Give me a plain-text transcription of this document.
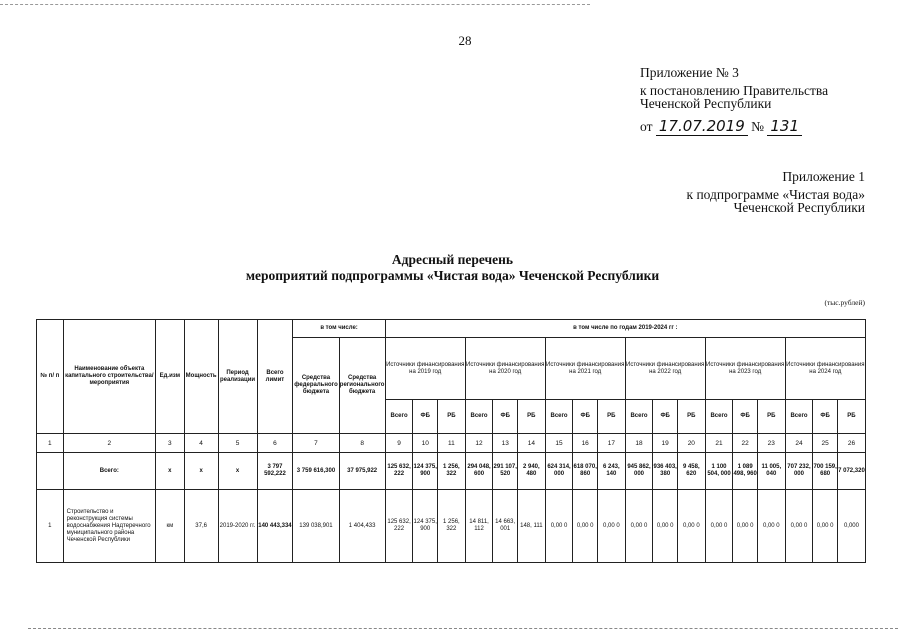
28
Приложение № 3
к постановлению Правительства
Чеченской Республики
от 17.07.2019 № 131
Приложение 1
к подпрограмме «Чистая вода»
Чеченской Республики
Адресный перечень
мероприятий подпрограммы «Чистая вода» Чеченской Республики
(тыс.рублей)
№ п/ п	Наименование объекта капитального строительства/мероприятия	Ед.изм	Мощность	Период реализации	Всего лимит	в том числе:		в том числе по годам 2019-2024 гг :																	
						Средства федерального бюджета	Средства регионального бюджета	Источники финансирования на 2019 год			Источники финансирования на 2020 год			Источники финансирования на 2021 год			Источники финансирования на 2022 год			Источники финансирования на 2023 год			Источники финансирования на 2024 год		
								Всего	ФБ	РБ	Всего	ФБ	РБ	Всего	ФБ	РБ	Всего	ФБ	РБ	Всего	ФБ	РБ	Всего	ФБ	РБ
1	2	3	4	5	6	7	8	9	10	11	12	13	14	15	16	17	18	19	20	21	22	23	24	25	26
	Всего:	х	х	х	3 797 592,222	3 759 616,300	37 975,922	125 632, 222	124 375, 900	1 256, 322	294 048, 600	291 107, 520	2 940, 480	624 314, 000	618 070, 860	6 243, 140	945 862, 000	936 403, 380	9 458, 620	1 100 504, 000	1 089 498, 960	11 005, 040	707 232, 000	700 159, 680	7 072,320
1	Строительство и реконструкция системы водоснабжения Надтеречного муниципального района Чеченской Республики	км	37,6	2019-2020 гг.	140 443,334	139 038,901	1 404,433	125 632, 222	124 375, 900	1 256, 322	14 811, 112	14 663, 001	148, 111	0,00 0	0,00 0	0,00 0	0,00 0	0,00 0	0,00 0	0,00 0	0,00 0	0,00 0	0,00 0	0,00 0	0,000
